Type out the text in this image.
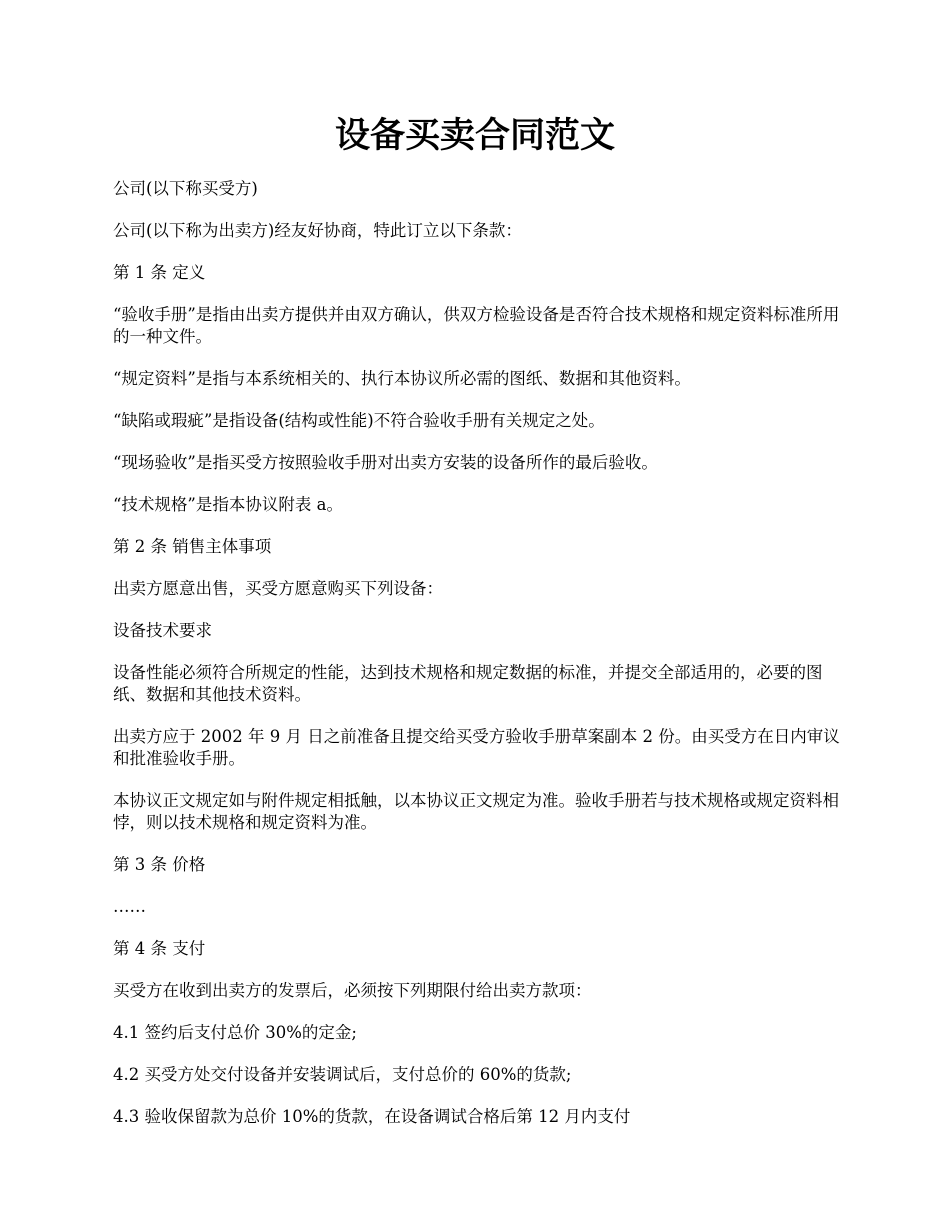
设备买卖合同范文

公司(以下称买受方)

公司(以下称为出卖方)经友好协商，特此订立以下条款：

第 1 条 定义

“验收手册”是指由出卖方提供并由双方确认，供双方检验设备是否符合技术规格和规定资料标准所用的一种文件。

“规定资料”是指与本系统相关的、执行本协议所必需的图纸、数据和其他资料。

“缺陷或瑕疵”是指设备(结构或性能)不符合验收手册有关规定之处。

“现场验收”是指买受方按照验收手册对出卖方安装的设备所作的最后验收。

“技术规格”是指本协议附表 a。

第 2 条 销售主体事项

出卖方愿意出售，买受方愿意购买下列设备：

设备技术要求

设备性能必须符合所规定的性能，达到技术规格和规定数据的标准，并提交全部适用的，必要的图纸、数据和其他技术资料。

出卖方应于 2002 年 9 月 日之前准备且提交给买受方验收手册草案副本 2 份。由买受方在日内审议和批准验收手册。

本协议正文规定如与附件规定相抵触，以本协议正文规定为准。验收手册若与技术规格或规定资料相悖，则以技术规格和规定资料为准。

第 3 条 价格

……

第 4 条 支付

买受方在收到出卖方的发票后，必须按下列期限付给出卖方款项：

4.1 签约后支付总价 30%的定金;

4.2 买受方处交付设备并安装调试后，支付总价的 60%的货款;

4.3 验收保留款为总价 10%的货款，在设备调试合格后第 12 月内支付
